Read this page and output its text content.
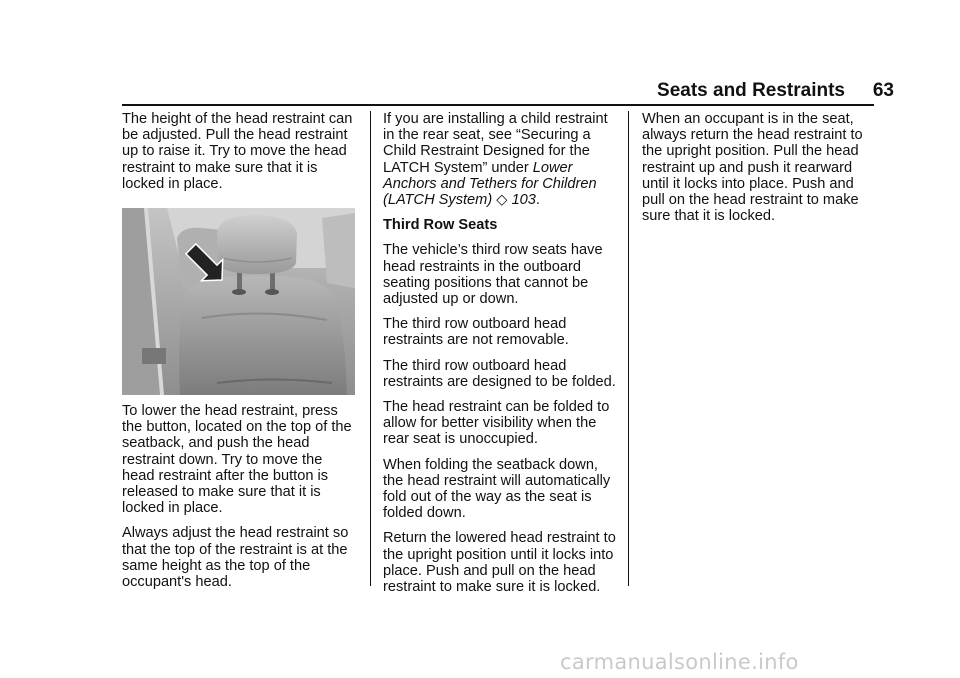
Seats and Restraints 63

The height of the head restraint can be adjusted. Pull the head restraint up to raise it. Try to move the head restraint to make sure that it is locked in place.

To lower the head restraint, press the button, located on the top of the seatback, and push the head restraint down. Try to move the head restraint after the button is released to make sure that it is locked in place.

Always adjust the head restraint so that the top of the restraint is at the same height as the top of the occupant's head.

If you are installing a child restraint in the rear seat, see “Securing a Child Restraint Designed for the LATCH System” under Lower Anchors and Tethers for Children (LATCH System) ◇ 103.

Third Row Seats

The vehicle’s third row seats have head restraints in the outboard seating positions that cannot be adjusted up or down.

The third row outboard head restraints are not removable.

The third row outboard head restraints are designed to be folded.

The head restraint can be folded to allow for better visibility when the rear seat is unoccupied.

When folding the seatback down, the head restraint will automatically fold out of the way as the seat is folded down.

Return the lowered head restraint to the upright position until it locks into place. Push and pull on the head restraint to make sure it is locked.

When an occupant is in the seat, always return the head restraint to the upright position. Pull the head restraint up and push it rearward until it locks into place. Push and pull on the head restraint to make sure that it is locked.

carmanualsonline.info
